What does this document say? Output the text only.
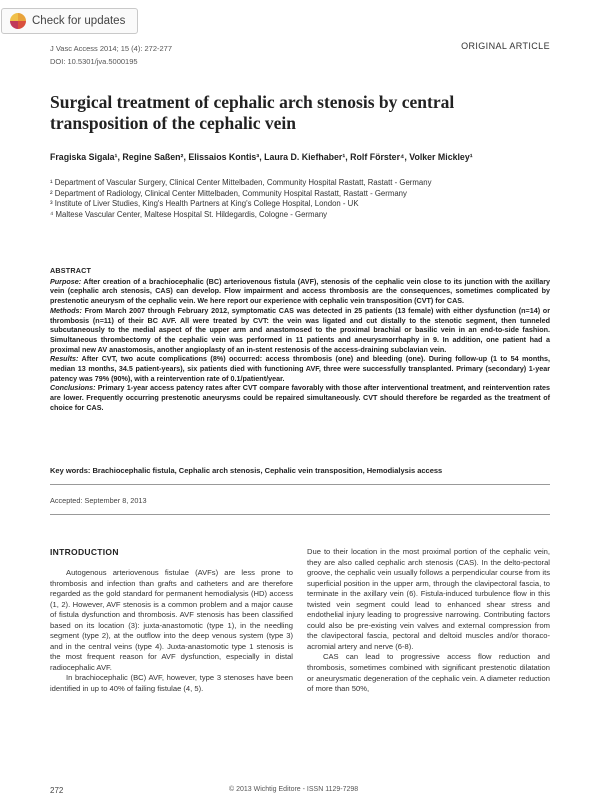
Check for updates
J Vasc Access 2014; 15 (4): 272-277
DOI: 10.5301/jva.5000195
ORIGINAL ARTICLE
Surgical treatment of cephalic arch stenosis by central transposition of the cephalic vein
Fragiska Sigala¹, Regine Saßen², Elissaios Kontis³, Laura D. Kiefhaber¹, Rolf Förster⁴, Volker Mickley¹
¹ Department of Vascular Surgery, Clinical Center Mittelbaden, Community Hospital Rastatt, Rastatt - Germany
² Department of Radiology, Clinical Center Mittelbaden, Community Hospital Rastatt, Rastatt - Germany
³ Institute of Liver Studies, King's Health Partners at King's College Hospital, London - UK
⁴ Maltese Vascular Center, Maltese Hospital St. Hildegardis, Cologne - Germany
ABSTRACT

Purpose: After creation of a brachiocephalic (BC) arteriovenous fistula (AVF), stenosis of the cephalic vein close to its junction with the axillary vein (cephalic arch stenosis, CAS) can develop. Flow impairment and access thrombosis are the consequences, sometimes complicated by prestenotic aneurysm of the cephalic vein. We here report our experience with cephalic vein transposition (CVT) for CAS.

Methods: From March 2007 through February 2012, symptomatic CAS was detected in 25 patients (13 female) with either dysfunction (n=14) or thrombosis (n=11) of their BC AVF. All were treated by CVT: the vein was ligated and cut distally to the stenotic segment, then tunneled subcutaneously to the medial aspect of the upper arm and anastomosed to the proximal brachial or basilic vein in an end-to-side fashion. Simultaneous thrombectomy of the cephalic vein was performed in 11 patients and aneurysmorrhaphy in 9. In addition, one patient had a proximal new AV anastomosis, another angioplasty of an in-stent restenosis of the access-draining subclavian vein.

Results: After CVT, two acute complications (8%) occurred: access thrombosis (one) and bleeding (one). During follow-up (1 to 54 months, median 13 months, 34.5 patient-years), six patients died with functioning AVF, three were successfully transplanted. Primary (secondary) 1-year patency was 79% (90%), with a reintervention rate of 0.1/patient/year.

Conclusions: Primary 1-year access patency rates after CVT compare favorably with those after interventional treatment, and reintervention rates are lower. Frequently occurring prestenotic aneurysms could be repaired simultaneously. CVT should therefore be regarded as the treatment of choice for CAS.

Key words: Brachiocephalic fistula, Cephalic arch stenosis, Cephalic vein transposition, Hemodialysis access
Accepted: September 8, 2013
INTRODUCTION

Autogenous arteriovenous fistulae (AVFs) are less prone to thrombosis and infection than grafts and catheters and are therefore regarded as the gold standard for permanent hemodialysis (HD) access (1, 2). However, AVF stenosis is a common problem and a major cause of fistula dysfunction and thrombosis. AVF stenosis has been classified based on its location (3): juxta-anastomotic (type 1), in the needling segment (type 2), at the outflow into the deep venous system (type 3) and in the central veins (type 4). Juxta-anastomotic type 1 stenosis is the most frequent reason for AVF dysfunction, especially in distal radiocephalic AVF.

In brachiocephalic (BC) AVF, however, type 3 stenoses have been identified in up to 40% of failing fistulae (4, 5).

Due to their location in the most proximal portion of the cephalic vein, they are also called cephalic arch stenosis (CAS). In the delto-pectoral groove, the cephalic vein usually follows a perpendicular course from its superficial position in the upper arm, through the clavipectoral fascia, to terminate in the axillary vein (6). Fistula-induced turbulence flow in this twisted vein segment could lead to enhanced shear stress and endothelial injury leading to progressive narrowing. Contributing factors could also be pre-existing vein valves and external compression from the clavipectoral fascia, pectoral and deltoid muscles and/or thoraco-acromial artery and nerve (6-8).

CAS can lead to progressive access flow reduction and thrombosis, sometimes combined with significant prestenotic dilatation or aneurysmatic degeneration of the cephalic vein. A diameter reduction of more than 50%,

272	© 2013 Wichtig Editore - ISSN 1129-7298
